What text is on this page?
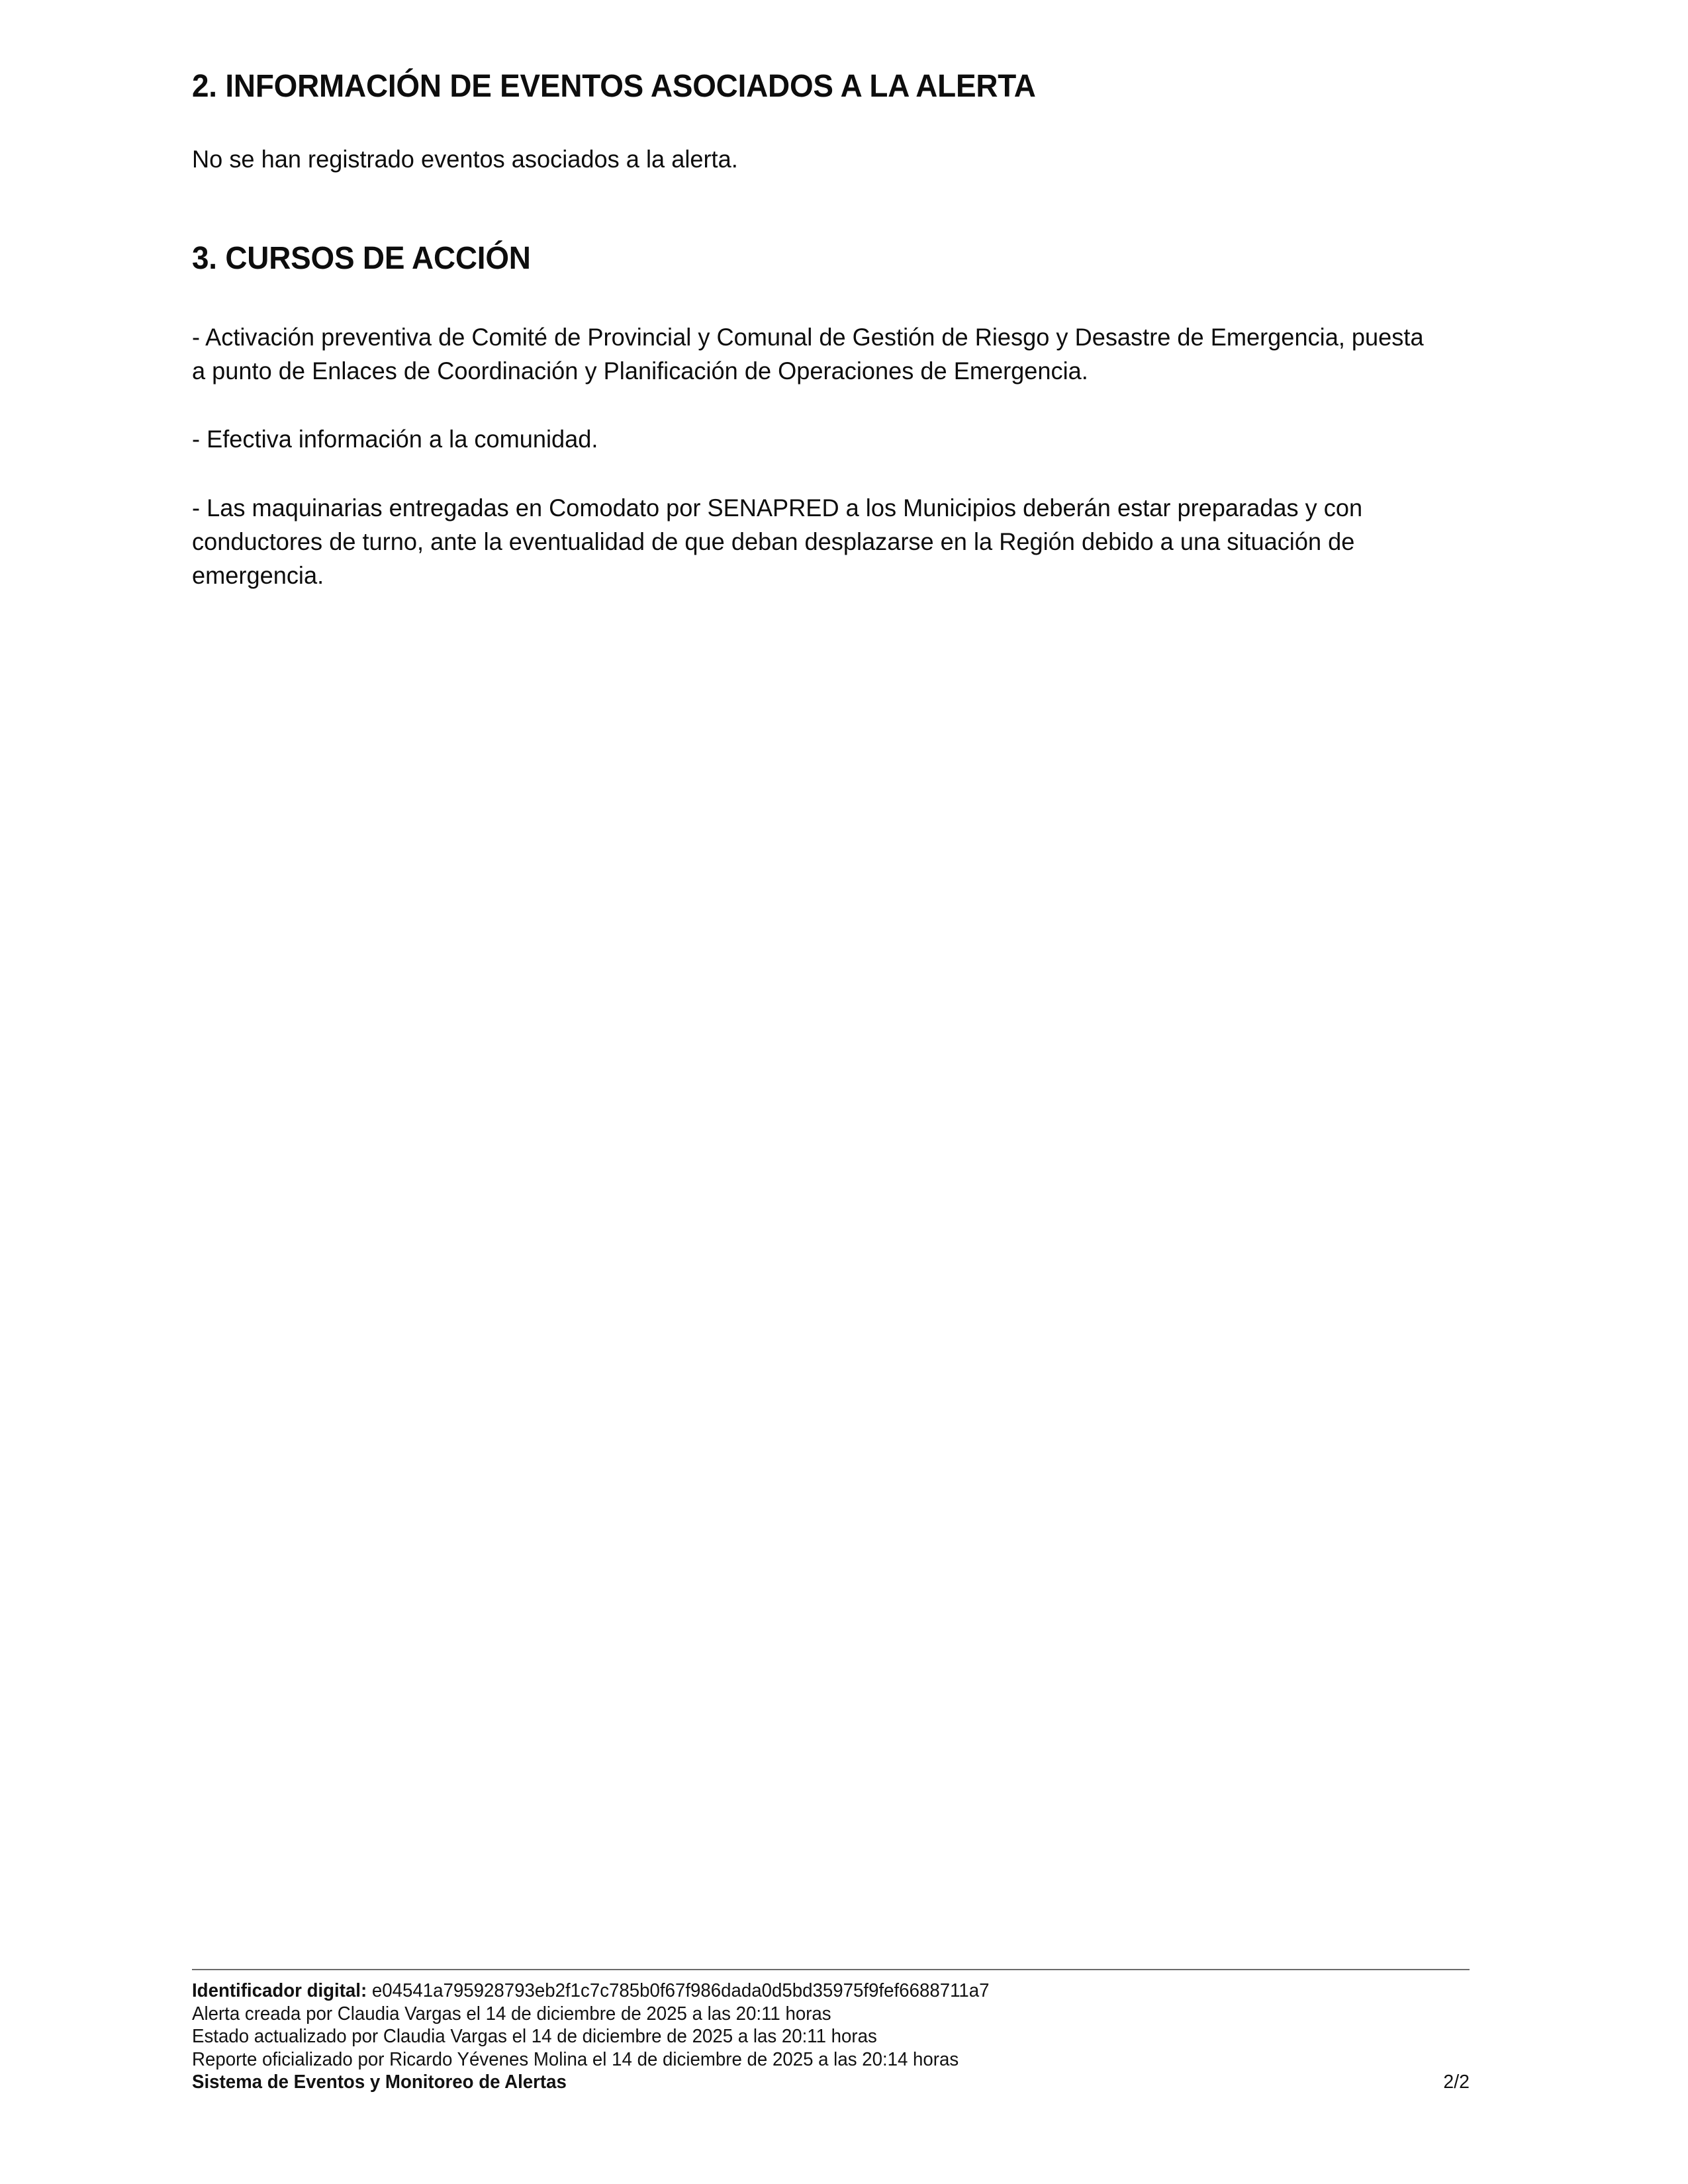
2. INFORMACIÓN DE EVENTOS ASOCIADOS A LA ALERTA

No se han registrado eventos asociados a la alerta.

3. CURSOS DE ACCIÓN

- Activación preventiva de Comité de Provincial y Comunal de Gestión de Riesgo y Desastre de Emergencia, puesta a punto de Enlaces de Coordinación y Planificación de Operaciones de Emergencia.

- Efectiva información a la comunidad.

- Las maquinarias entregadas en Comodato por SENAPRED a los Municipios deberán estar preparadas y con conductores de turno, ante la eventualidad de que deban desplazarse en la Región debido a una situación de emergencia.

Identificador digital: e04541a795928793eb2f1c7c785b0f67f986dada0d5bd35975f9fef6688711a7
Alerta creada por Claudia Vargas el 14 de diciembre de 2025 a las 20:11 horas
Estado actualizado por Claudia Vargas el 14 de diciembre de 2025 a las 20:11 horas
Reporte oficializado por Ricardo Yévenes Molina el 14 de diciembre de 2025 a las 20:14 horas
Sistema de Eventos y Monitoreo de Alertas	2/2
